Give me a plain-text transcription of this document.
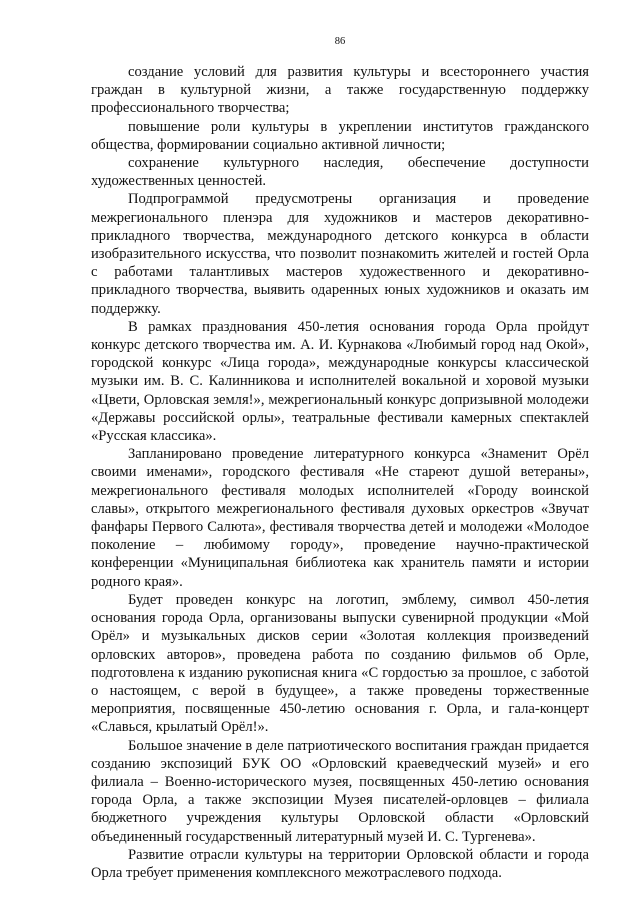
86

создание условий для развития культуры и всестороннего участия граждан в культурной жизни, а также государственную поддержку профессионального творчества;

повышение роли культуры в укреплении институтов гражданского общества, формировании социально активной личности;

сохранение культурного наследия, обеспечение доступности художественных ценностей.

Подпрограммой предусмотрены организация и проведение межрегионального пленэра для художников и мастеров декоративно-прикладного творчества, международного детского конкурса в области изобразительного искусства, что позволит познакомить жителей и гостей Орла с работами талантливых мастеров художественного и декоративно-прикладного творчества, выявить одаренных юных художников и оказать им поддержку.

В рамках празднования 450-летия основания города Орла пройдут конкурс детского творчества им. А. И. Курнакова «Любимый город над Окой», городской конкурс «Лица города», международные конкурсы классической музыки им. В. С. Калинникова и исполнителей вокальной и хоровой музыки «Цвети, Орловская земля!», межрегиональный конкурс допризывной молодежи «Державы российской орлы», театральные фестивали камерных спектаклей «Русская классика».

Запланировано проведение литературного конкурса «Знаменит Орёл своими именами», городского фестиваля «Не стареют душой ветераны», межрегионального фестиваля молодых исполнителей «Городу воинской славы», открытого межрегионального фестиваля духовых оркестров «Звучат фанфары Первого Салюта», фестиваля творчества детей и молодежи «Молодое поколение – любимому городу», проведение научно-практической конференции «Муниципальная библиотека как хранитель памяти и истории родного края».

Будет проведен конкурс на логотип, эмблему, символ 450-летия основания города Орла, организованы выпуски сувенирной продукции «Мой Орёл» и музыкальных дисков серии «Золотая коллекция произведений орловских авторов», проведена работа по созданию фильмов об Орле, подготовлена к изданию рукописная книга «С гордостью за прошлое, с заботой о настоящем, с верой в будущее», а также проведены торжественные мероприятия, посвященные 450-летию основания г. Орла, и гала-концерт «Славься, крылатый Орёл!».

Большое значение в деле патриотического воспитания граждан придается созданию экспозиций БУК ОО «Орловский краеведческий музей» и его филиала – Военно-исторического музея, посвященных 450-летию основания города Орла, а также экспозиции Музея писателей-орловцев – филиала бюджетного учреждения культуры Орловской области «Орловский объединенный государственный литературный музей И. С. Тургенева».

Развитие отрасли культуры на территории Орловской области и города Орла требует применения комплексного межотраслевого подхода.
